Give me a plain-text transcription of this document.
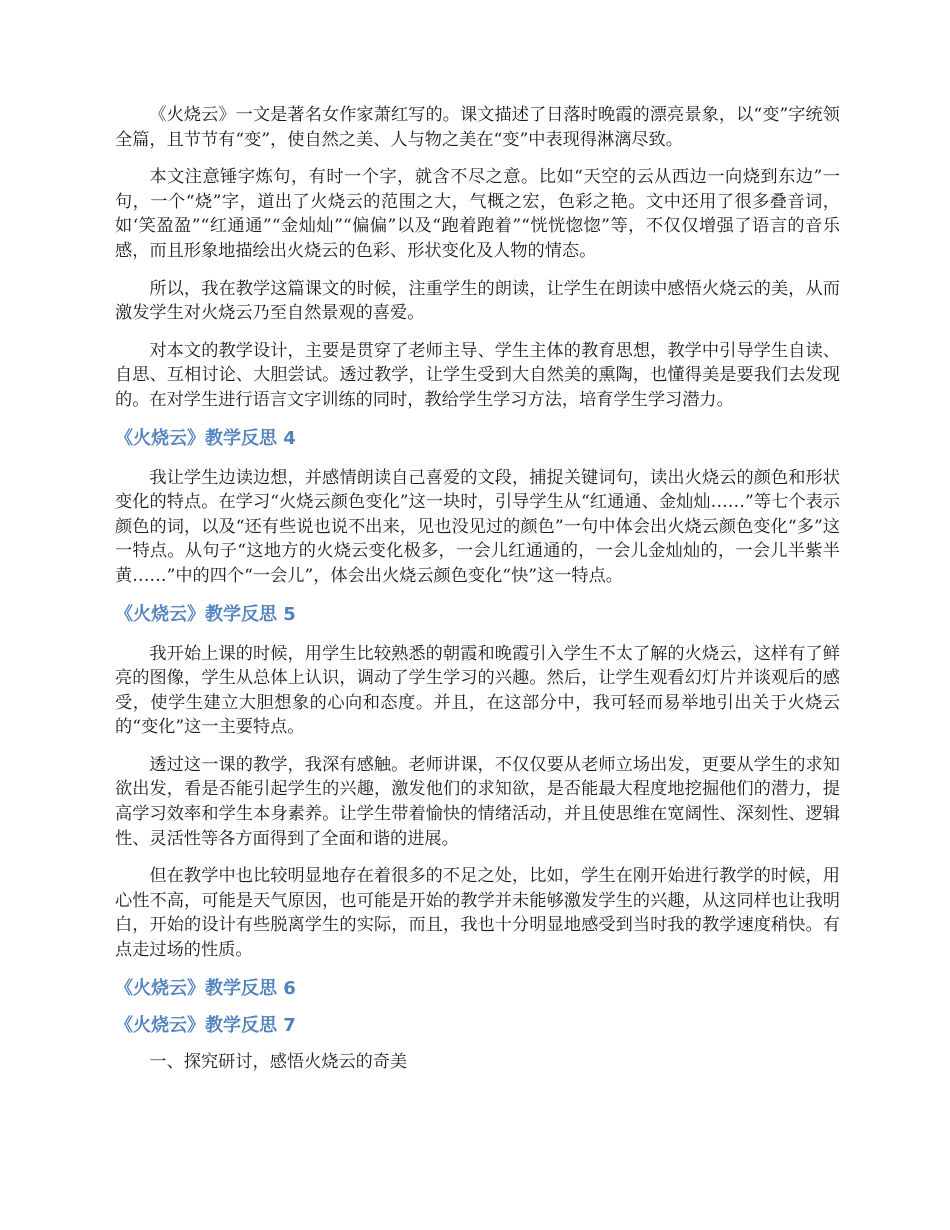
《火烧云》一文是著名女作家萧红写的。课文描述了日落时晚霞的漂亮景象，以“变”字统领全篇，且节节有“变”，使自然之美、人与物之美在“变”中表现得淋漓尽致。

本文注意锤字炼句，有时一个字，就含不尽之意。比如“天空的云从西边一向烧到东边”一句，一个“烧”字，道出了火烧云的范围之大，气概之宏，色彩之艳。文中还用了很多叠音词，如‘笑盈盈”“红通通”“金灿灿”“偏偏”以及“跑着跑着”“恍恍惚惚”等，不仅仅增强了语言的音乐感，而且形象地描绘出火烧云的色彩、形状变化及人物的情态。

所以，我在教学这篇课文的时候，注重学生的朗读，让学生在朗读中感悟火烧云的美，从而激发学生对火烧云乃至自然景观的喜爱。

对本文的教学设计，主要是贯穿了老师主导、学生主体的教育思想，教学中引导学生自读、自思、互相讨论、大胆尝试。透过教学，让学生受到大自然美的熏陶，也懂得美是要我们去发现的。在对学生进行语言文字训练的同时，教给学生学习方法，培育学生学习潜力。

《火烧云》教学反思 4

我让学生边读边想，并感情朗读自己喜爱的文段，捕捉关键词句，读出火烧云的颜色和形状变化的特点。在学习“火烧云颜色变化”这一块时，引导学生从“红通通、金灿灿……”等七个表示颜色的词，以及“还有些说也说不出来，见也没见过的颜色”一句中体会出火烧云颜色变化“多”这一特点。从句子“这地方的火烧云变化极多，一会儿红通通的，一会儿金灿灿的，一会儿半紫半黄……”中的四个“一会儿”，体会出火烧云颜色变化“快”这一特点。

《火烧云》教学反思 5

我开始上课的时候，用学生比较熟悉的朝霞和晚霞引入学生不太了解的火烧云，这样有了鲜亮的图像，学生从总体上认识，调动了学生学习的兴趣。然后，让学生观看幻灯片并谈观后的感受，使学生建立大胆想象的心向和态度。并且，在这部分中，我可轻而易举地引出关于火烧云的“变化”这一主要特点。

透过这一课的教学，我深有感触。老师讲课，不仅仅要从老师立场出发，更要从学生的求知欲出发，看是否能引起学生的兴趣，激发他们的求知欲，是否能最大程度地挖掘他们的潜力，提高学习效率和学生本身素养。让学生带着愉快的情绪活动，并且使思维在宽阔性、深刻性、逻辑性、灵活性等各方面得到了全面和谐的进展。

但在教学中也比较明显地存在着很多的不足之处，比如，学生在刚开始进行教学的时候，用心性不高，可能是天气原因，也可能是开始的教学并未能够激发学生的兴趣，从这同样也让我明白，开始的设计有些脱离学生的实际，而且，我也十分明显地感受到当时我的教学速度稍快。有点走过场的性质。

《火烧云》教学反思 6
《火烧云》教学反思 7

一、探究研讨，感悟火烧云的奇美
